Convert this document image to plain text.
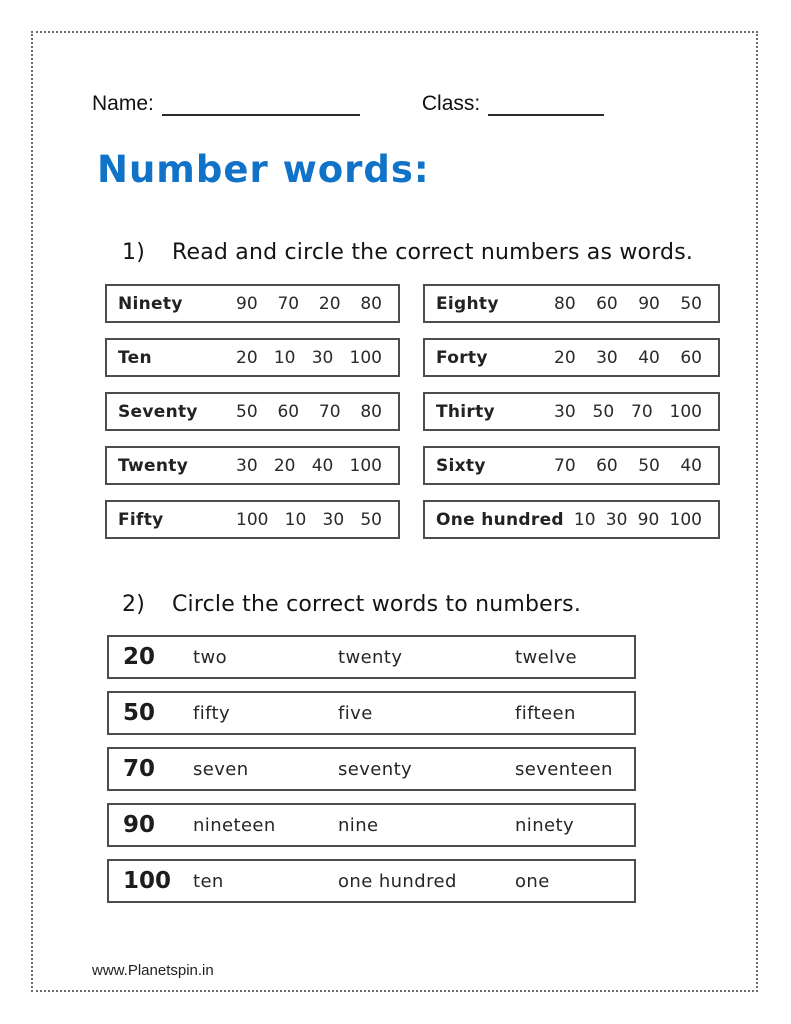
Name:	Class:
Number words:
1)	Read and circle the correct numbers as words.
Ninety	90 70 20 80
Ten	20 10 30 100
Seventy	50 60 70 80
Twenty	30 20 40 100
Fifty	100 10 30 50
Eighty	80 60 90 50
Forty	20 30 40 60
Thirty	30 50 70 100
Sixty	70 60 50 40
One hundred 10 30 90 100
2)	Circle the correct words to numbers.
20	two	twenty	twelve
50	fifty	five	fifteen
70	seven	seventy	seventeen
90	nineteen	nine	ninety
100	ten	one hundred	one
www.Planetspin.in
